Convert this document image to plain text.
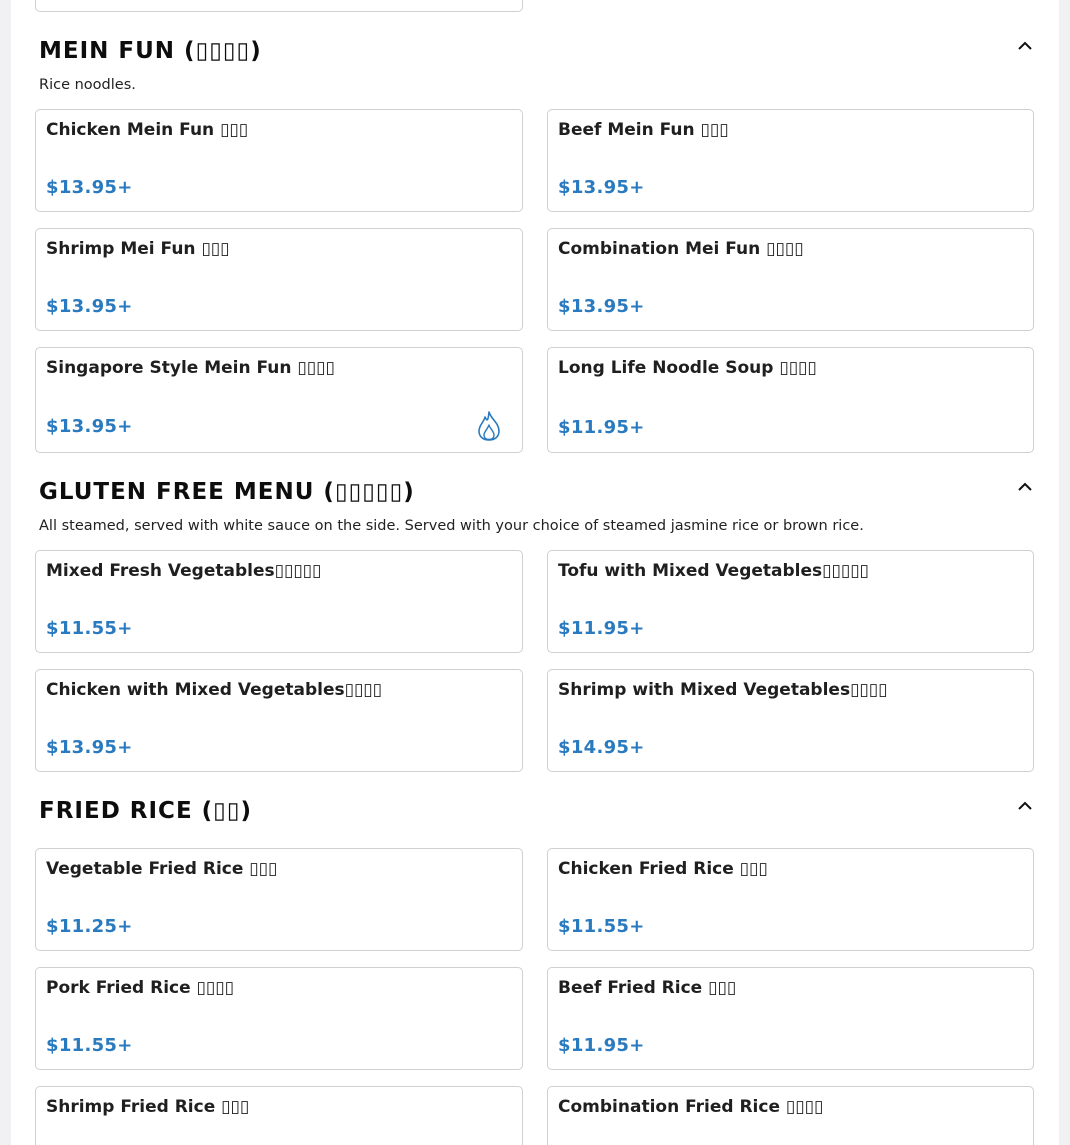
MEIN FUN (▯▯▯▯)
Rice noodles.
Chicken Mein Fun ▯▯▯
$13.95+
Beef Mein Fun ▯▯▯
$13.95+
Shrimp Mei Fun ▯▯▯
$13.95+
Combination Mei Fun ▯▯▯▯
$13.95+
Singapore Style Mein Fun ▯▯▯▯
$13.95+
Long Life Noodle Soup ▯▯▯▯
$11.95+
GLUTEN FREE MENU (▯▯▯▯▯)
All steamed, served with white sauce on the side. Served with your choice of steamed jasmine rice or brown rice.
Mixed Fresh Vegetables▯▯▯▯▯
$11.55+
Tofu with Mixed Vegetables▯▯▯▯▯
$11.95+
Chicken with Mixed Vegetables▯▯▯▯
$13.95+
Shrimp with Mixed Vegetables▯▯▯▯
$14.95+
FRIED RICE (▯▯)
Vegetable Fried Rice ▯▯▯
$11.25+
Chicken Fried Rice ▯▯▯
$11.55+
Pork Fried Rice ▯▯▯▯
$11.55+
Beef Fried Rice ▯▯▯
$11.95+
Shrimp Fried Rice ▯▯▯	Combination Fried Rice ▯▯▯▯
